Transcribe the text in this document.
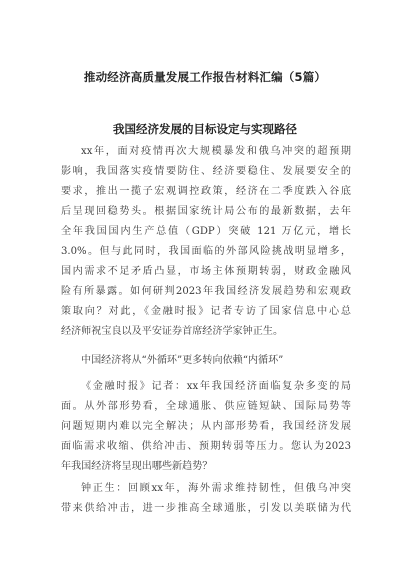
推动经济高质量发展工作报告材料汇编（5篇）
我国经济发展的目标设定与实现路径
xx年，面对疫情再次大规模暴发和俄乌冲突的超预期
影响，我国落实疫情要防住、经济要稳住、发展要安全的
要求，推出一揽子宏观调控政策，经济在二季度跌入谷底
后呈现回稳势头。根据国家统计局公布的最新数据，去年
全年我国国内生产总值（GDP）突破 121 万亿元，增长
3.0%。但与此同时，我国面临的外部风险挑战明显增多，
国内需求不足矛盾凸显，市场主体预期转弱，财政金融风
险有所暴露。如何研判2023年我国经济发展趋势和宏观政
策取向？对此，《金融时报》记者专访了国家信息中心总
经济师祝宝良以及平安证券首席经济学家钟正生。
中国经济将从“外循环”更多转向依赖“内循环”
《金融时报》记者：xx年我国经济面临复杂多变的局
面。从外部形势看，全球通胀、供应链短缺、国际局势等
问题短期内难以完全解决；从内部形势看，我国经济发展
面临需求收缩、供给冲击、预期转弱等压力。您认为2023
年我国经济将呈现出哪些新趋势？
钟正生：回顾xx年，海外需求维持韧性，但俄乌冲突
带来供给冲击，进一步推高全球通胀，引发以美联储为代
